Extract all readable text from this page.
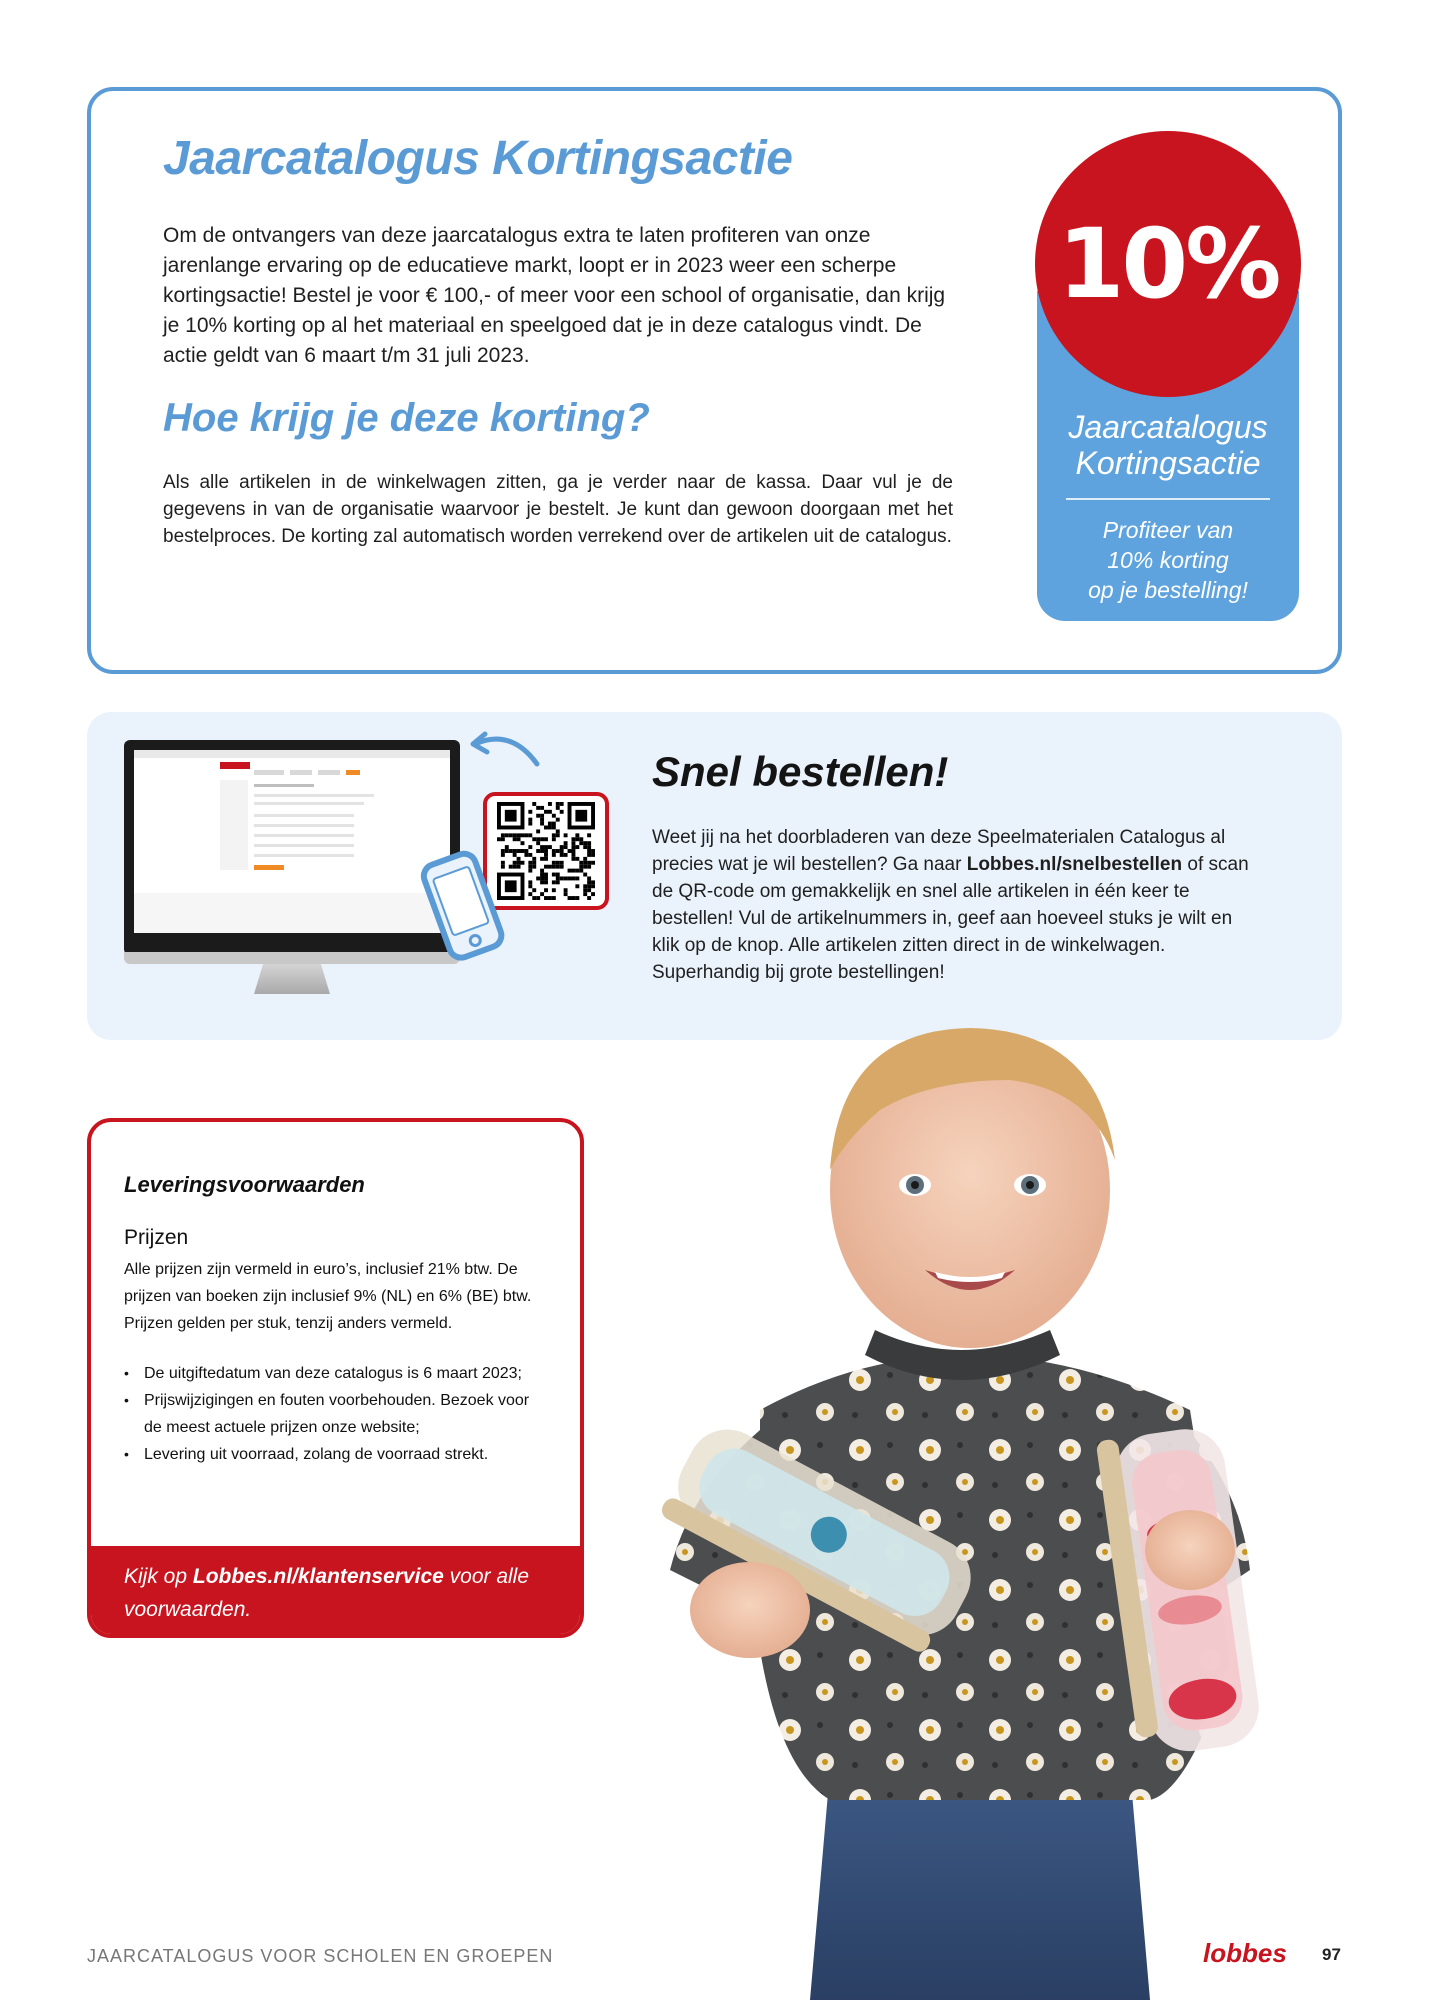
Jaarcatalogus Kortingsactie

Om de ontvangers van deze jaarcatalogus extra te laten profiteren van onze jarenlange ervaring op de educatieve markt, loopt er in 2023 weer een scherpe kortingsactie! Bestel je voor € 100,- of meer voor een school of organisatie, dan krijg je 10% korting op al het materiaal en speelgoed dat je in deze catalogus vindt. De actie geldt van 6 maart t/m 31 juli 2023.

Hoe krijg je deze korting?

Als alle artikelen in de winkelwagen zitten, ga je verder naar de kassa. Daar vul je de gegevens in van de organisatie waarvoor je bestelt. Je kunt dan gewoon doorgaan met het bestelproces. De korting zal automatisch worden verrekend over de artikelen uit de catalogus.

10%
Jaarcatalogus
Kortingsactie
Profiteer van
10% korting
op je bestelling!
Snel bestellen!

Weet jij na het doorbladeren van deze Speelmaterialen Catalogus al precies wat je wil bestellen? Ga naar Lobbes.nl/snelbestellen of scan de QR-code om gemakkelijk en snel alle artikelen in één keer te bestellen! Vul de artikelnummers in, geef aan hoeveel stuks je wilt en klik op de knop. Alle artikelen zitten direct in de winkelwagen. Superhandig bij grote bestellingen!

Leveringsvoorwaarden
Prijzen

Alle prijzen zijn vermeld in euro’s, inclusief 21% btw. De prijzen van boeken zijn inclusief 9% (NL) en 6% (BE) btw. Prijzen gelden per stuk, tenzij anders vermeld.

• De uitgiftedatum van deze catalogus is 6 maart 2023;
• Prijswijzigingen en fouten voorbehouden. Bezoek voor de meest actuele prijzen onze website;
• Levering uit voorraad, zolang de voorraad strekt.
Kijk op Lobbes.nl/klantenservice voor alle voorwaarden.
JAARCATALOGUS VOOR SCHOLEN EN GROEPEN	lobbes 97
